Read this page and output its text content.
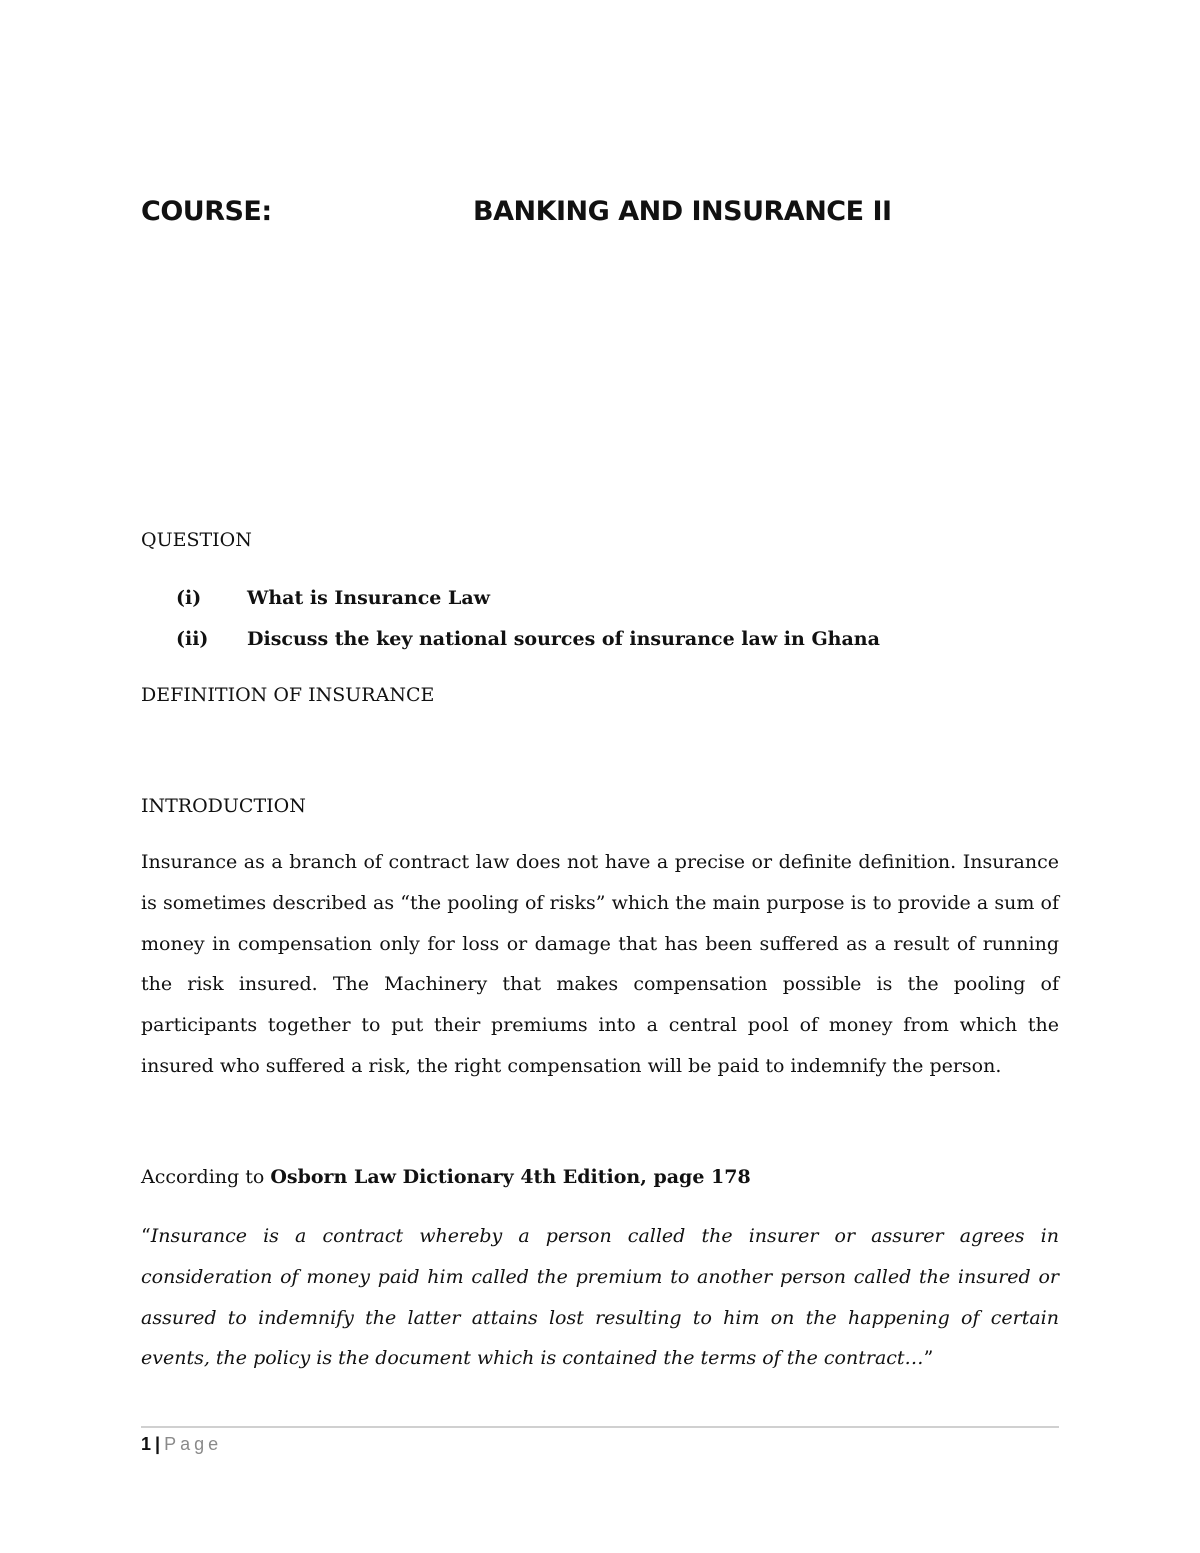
COURSE:	BANKING AND INSURANCE II
QUESTION
(i) What is Insurance Law
(ii) Discuss the key national sources of insurance law in Ghana
DEFINITION OF INSURANCE
INTRODUCTION
Insurance as a branch of contract law does not have a precise or definite definition. Insurance is sometimes described as “the pooling of risks” which the main purpose is to provide a sum of money in compensation only for loss or damage that has been suffered as a result of running the risk insured. The Machinery that makes compensation possible is the pooling of participants together to put their premiums into a central pool of money from which the insured who suffered a risk, the right compensation will be paid to indemnify the person.
According to Osborn Law Dictionary 4th Edition, page 178
“Insurance is a contract whereby a person called the insurer or assurer agrees in consideration of money paid him called the premium to another person called the insured or assured to indemnify the latter attains lost resulting to him on the happening of certain events, the policy is the document which is contained the terms of the contract…”
1 | Page
